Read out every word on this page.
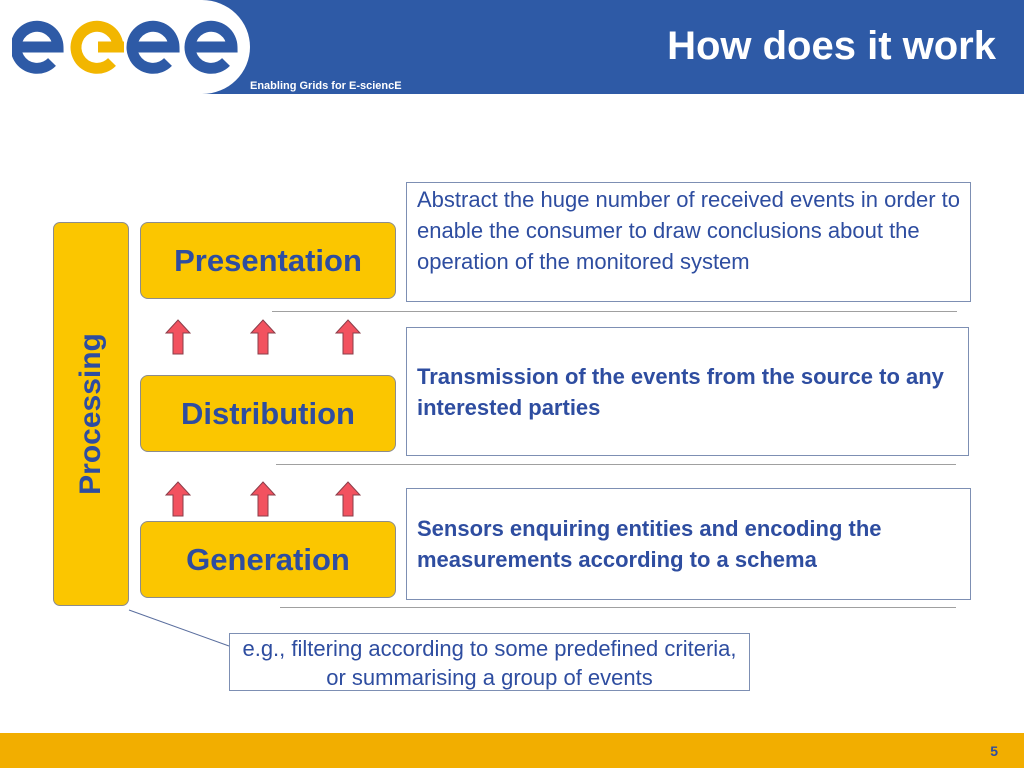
How does it work
Enabling Grids for E-sciencE
Processing
Presentation
Distribution
Generation
Abstract the huge number of received events in order to enable the consumer to draw conclusions about the operation of the monitored system
Transmission of the events from the source to any interested parties
Sensors enquiring entities and encoding the measurements according to a schema
e.g., filtering according to some predefined criteria, or summarising a group of events
5
